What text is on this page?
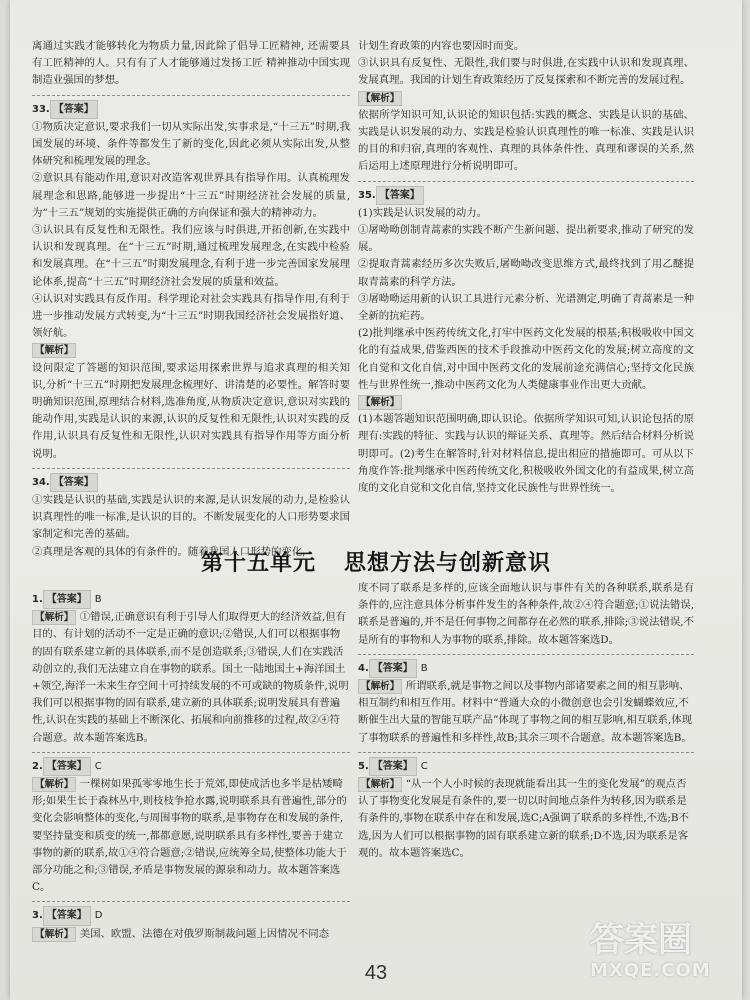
离通过实践才能够转化为物质力量,因此除了倡导工匠精神, 还需要具有工匠精神的人。只有有了人才能够通过发扬工匠 精神推动中国实现制造业强国的梦想。

33. 【答案】

①物质决定意识,要求我们一切从实际出发,实事求是,“十三五”时期,我国发展的环境、条件等都发生了新的变化,因此必须从实际出发,从整体研究和梳理发展的理念。

②意识具有能动作用,意识对改造客观世界具有指导作用。认真梳理发展理念和思路,能够进一步提出“十三五”时期经济社会发展的质量,为“十三五”规划的实施提供正确的方向保证和强大的精神动力。

③认识具有反复性和无限性。我们应该与时俱进,开拓创新,在实践中认识和发现真理。在“十三五”时期,通过梳理发展理念,在实践中检验和发展真理。在“十三五”时期发展理念,有利于进一步完善国家发展理论体系,提高“十三五”时期经济社会发展的质量和效益。

④认识对实践具有反作用。科学理论对社会实践具有指导作用,有利于进一步推动发展方式转变,为“十三五”时期我国经济社会发展指好道、领好航。

【解析】

设问限定了答题的知识范围,要求运用探索世界与追求真理的相关知识,分析“十三五”时期把发展理念梳理好、讲清楚的必要性。解答时要明确知识范围,原理结合材料,选准角度,从物质决定意识,意识对实践的能动作用,实践是认识的来源,认识的反复性和无限性,认识对实践的反作用,认识具有反复性和无限性,认识对实践具有指导作用等方面分析说明。

34. 【答案】

①实践是认识的基础,实践是认识的来源,是认识发展的动力,是检验认识真理性的唯一标准,是认识的目的。不断发展变化的人口形势要求国家制定和完善的基础。

②真理是客观的具体的有条件的。随着我国人口形势的变化,

计划生育政策的内容也要因时而变。

③认识具有反复性、无限性,我们要与时俱进,在实践中认识和发现真理、发展真理。我国的计划生育政策经历了反复探索和不断完善的发展过程。

【解析】

依据所学知识可知,认识论的知识包括:实践的概念、实践是认识的基础、实践是认识发展的动力、实践是检验认识真理性的唯一标准、实践是认识的目的和归宿,真理的客观性、真理的具体条件性、真理和谬误的关系,然后运用上述原理进行分析说明即可。

35. 【答案】

(1)实践是认识发展的动力。

①屠呦呦创制青蒿素的实践不断产生新问题、提出新要求,推动了研究的发展。

②提取青蒿素经历多次失败后,屠呦呦改变思维方式,最终找到了用乙醚提取青蒿素的科学方法。

③屠呦呦运用新的认识工具进行元素分析、光谱测定,明确了青蒿素是一种全新的抗疟药。

(2)批判继承中医药传统文化,打牢中医药文化发展的根基;积极吸收中国文化的有益成果,借鉴西医的技术手段推动中医药文化的发展;树立高度的文化自觉和文化自信,对中国中医药文化的发展前途充满信心;坚持文化民族性与世界性统一,推动中医药文化为人类健康事业作出更大贡献。

【解析】

(1)本题答题知识范围明确,即认识论。依据所学知识可知,认识论包括的原理有:实践的特征、实践与认识的辩证关系、真理等。然后结合材料分析说明即可。(2)考生在解答时,针对材料信息,提出相应的措施即可。可从以下角度作答:批判继承中医药传统文化,积极吸收外国文化的有益成果,树立高度的文化自觉和文化自信,坚持文化民族性与世界性统一。

第十五单元 思想方法与创新意识
1. 【答案】 B
【解析】 ①错误,正确意识有利于引导人们取得更大的经济效益,但有目的、有计划的活动不一定是正确的意识;②错误,人们可以根据事物的固有联系建立新的具体联系,而不是创造联系;③错误,人们在实践活动创立的,我们无法建立自在事物的联系。国土一陆地国土+海洋国土+领空,海洋一未来生存空间十可持续发展的不可或缺的物质条件,说明我们可以根据事物的固有联系,建立新的具体联系;说明发展具有普遍性,认识在实践的基础上不断深化、拓展和向前推移的过程,故②④符合题意。故本题答案选B。
2. 【答案】 C
【解析】 一棵树如果孤零零地生长于荒郊,即使成活也多半是枯矮畸形;如果生长于森林丛中,则枝枝争抢水露,说明联系具有普遍性,部分的变化会影响整体的变化,与周围事物的联系,是事物存在和发展的条件,要坚持量变和质变的统一,都都意愿,说明联系具有多样性,要善于建立事物的新的联系,故①④符合题意;②错误,应统筹全局,使整体功能大于部分功能之和;③错误,矛盾是事物发展的源泉和动力。故本题答案选C。
3. 【答案】 D
【解析】 美国、欧盟、法德在对俄罗斯制裁问题上因情况不同态

度不同了联系是多样的,应该全面地认识与事件有关的各种联系,联系是有条件的,应注意具体分析事件发生的各种条件,故②④符合题意;①说法错误,联系是普遍的,并不是任何事物之间都存在必然的联系,排除;③说法错误,不是所有的事物和人为事物的联系,排除。故本题答案选D。

4. 【答案】 B
【解析】 所谓联系,就是事物之间以及事物内部诸要素之间的相互影响、相互制约和相互作用。材料中“普通大众的小微创意也会引发蝴蝶效应,不断催生出大量的智能互联产品”体现了事物之间的相互影响,相互联系,体现了事物联系的普遍性和多样性,故B;其余三项不合题意。故本题答案选B。
5. 【答案】 C
【解析】 “从一个人小时候的表现就能看出其一生的变化发展”的观点否认了事物变化发展是有条件的,要一切以时间地点条件为转移,因为联系是有条件的,事物在联系中存在和发展,选C;A强调了联系的多样性,不选;B不选,因为人们可以根据事物的固有联系建立新的联系;D不选,因为联系是客观的。故本题答案选C。
43
答案圈
MXQE.COM
